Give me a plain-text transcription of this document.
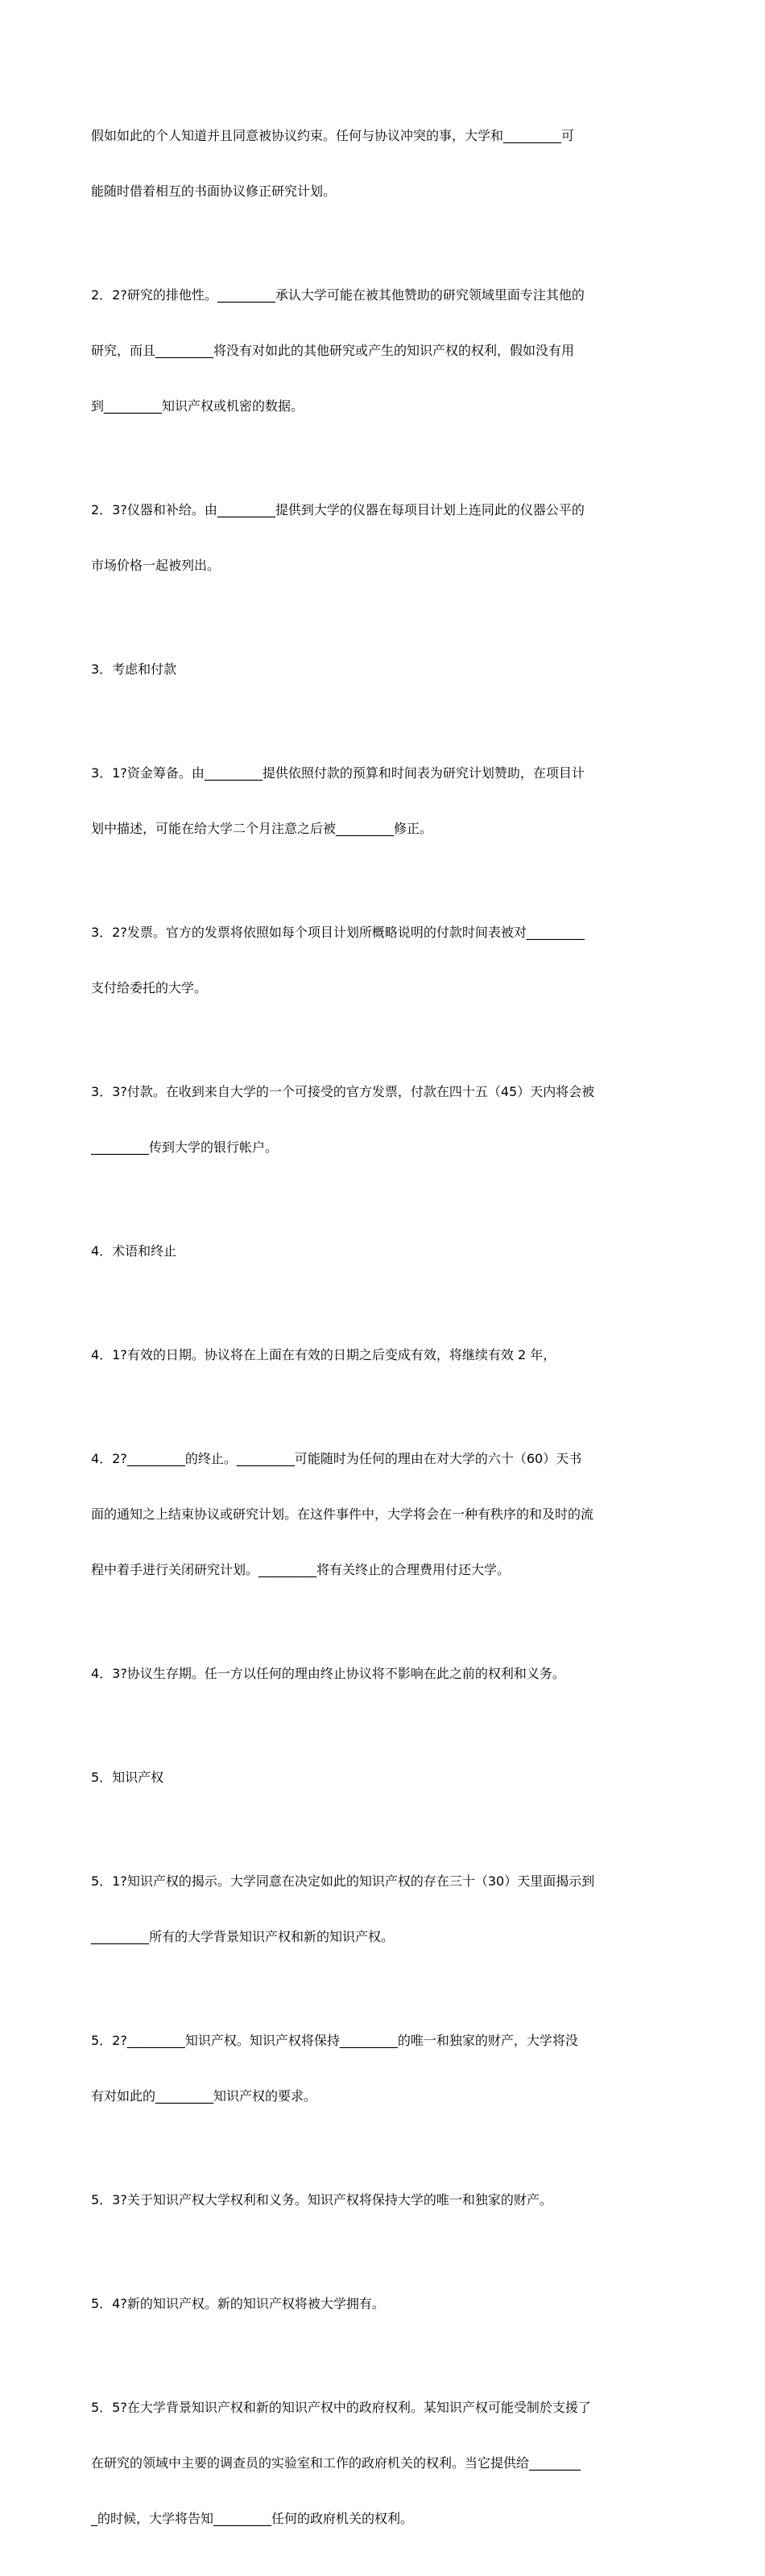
假如如此的个人知道并且同意被协议约束。任何与协议冲突的事，大学和_________可

能随时借着相互的书面协议修正研究计划。

2．2?研究的排他性。_________承认大学可能在被其他赞助的研究领域里面专注其他的

研究，而且_________将没有对如此的其他研究或产生的知识产权的权利，假如没有用

到_________知识产权或机密的数据。

2．3?仪器和补给。由_________提供到大学的仪器在每项目计划上连同此的仪器公平的

市场价格一起被列出。

3．考虑和付款

3．1?资金筹备。由_________提供依照付款的预算和时间表为研究计划赞助，在项目计

划中描述，可能在给大学二个月注意之后被_________修正。

3．2?发票。官方的发票将依照如每个项目计划所概略说明的付款时间表被对_________

支付给委托的大学。

3．3?付款。在收到来自大学的一个可接受的官方发票，付款在四十五（45）天内将会被

_________传到大学的银行帐户。

4．术语和终止

4．1?有效的日期。协议将在上面在有效的日期之后变成有效，将继续有效 2 年，

4．2?_________的终止。_________可能随时为任何的理由在对大学的六十（60）天书

面的通知之上结束协议或研究计划。在这件事件中，大学将会在一种有秩序的和及时的流

程中着手进行关闭研究计划。_________将有关终止的合理费用付还大学。

4．3?协议生存期。任一方以任何的理由终止协议将不影响在此之前的权利和义务。

5．知识产权

5．1?知识产权的揭示。大学同意在决定如此的知识产权的存在三十（30）天里面揭示到

_________所有的大学背景知识产权和新的知识产权。

5．2?_________知识产权。知识产权将保持_________的唯一和独家的财产，大学将没

有对如此的_________知识产权的要求。

5．3?关于知识产权大学权利和义务。知识产权将保持大学的唯一和独家的财产。

5．4?新的知识产权。新的知识产权将被大学拥有。

5．5?在大学背景知识产权和新的知识产权中的政府权利。某知识产权可能受制於支援了

在研究的领域中主要的调查员的实验室和工作的政府机关的权利。当它提供给________

_的时候，大学将告知_________任何的政府机关的权利。
